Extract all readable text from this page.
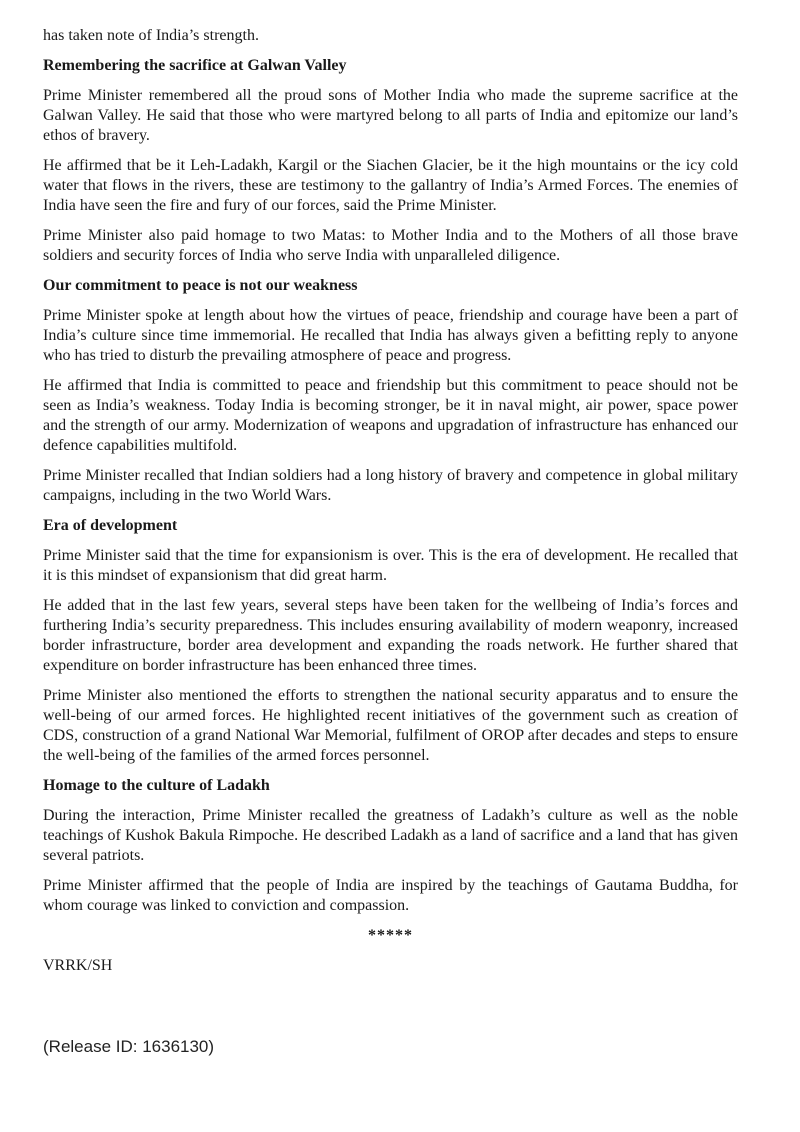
has taken note of India’s strength.

Remembering the sacrifice at Galwan Valley

Prime Minister remembered all the proud sons of Mother India who made the supreme sacrifice at the Galwan Valley. He said that those who were martyred belong to all parts of India and epitomize our land’s ethos of bravery.

He affirmed that be it Leh-Ladakh, Kargil or the Siachen Glacier, be it the high mountains or the icy cold water that flows in the rivers, these are testimony to the gallantry of India’s Armed Forces. The enemies of India have seen the fire and fury of our forces, said the Prime Minister.

Prime Minister also paid homage to two Matas: to Mother India and to the Mothers of all those brave soldiers and security forces of India who serve India with unparalleled diligence.

Our commitment to peace is not our weakness

Prime Minister spoke at length about how the virtues of peace, friendship and courage have been a part of India’s culture since time immemorial. He recalled that India has always given a befitting reply to anyone who has tried to disturb the prevailing atmosphere of peace and progress.

He affirmed that India is committed to peace and friendship but this commitment to peace should not be seen as India’s weakness. Today India is becoming stronger, be it in naval might, air power, space power and the strength of our army. Modernization of weapons and upgradation of infrastructure has enhanced our defence capabilities multifold.

Prime Minister recalled that Indian soldiers had a long history of bravery and competence in global military campaigns, including in the two World Wars.

Era of development

Prime Minister said that the time for expansionism is over. This is the era of development. He recalled that it is this mindset of expansionism that did great harm.

He added that in the last few years, several steps have been taken for the wellbeing of India’s forces and furthering India’s security preparedness. This includes ensuring availability of modern weaponry, increased border infrastructure, border area development and expanding the roads network. He further shared that expenditure on border infrastructure has been enhanced three times.

Prime Minister also mentioned the efforts to strengthen the national security apparatus and to ensure the well-being of our armed forces. He highlighted recent initiatives of the government such as creation of CDS, construction of a grand National War Memorial, fulfilment of OROP after decades and steps to ensure the well-being of the families of the armed forces personnel.

Homage to the culture of Ladakh

During the interaction, Prime Minister recalled the greatness of Ladakh’s culture as well as the noble teachings of Kushok Bakula Rimpoche. He described Ladakh as a land of sacrifice and a land that has given several patriots.

Prime Minister affirmed that the people of India are inspired by the teachings of Gautama Buddha, for whom courage was linked to conviction and compassion.

*****

VRRK/SH

(Release ID: 1636130)
